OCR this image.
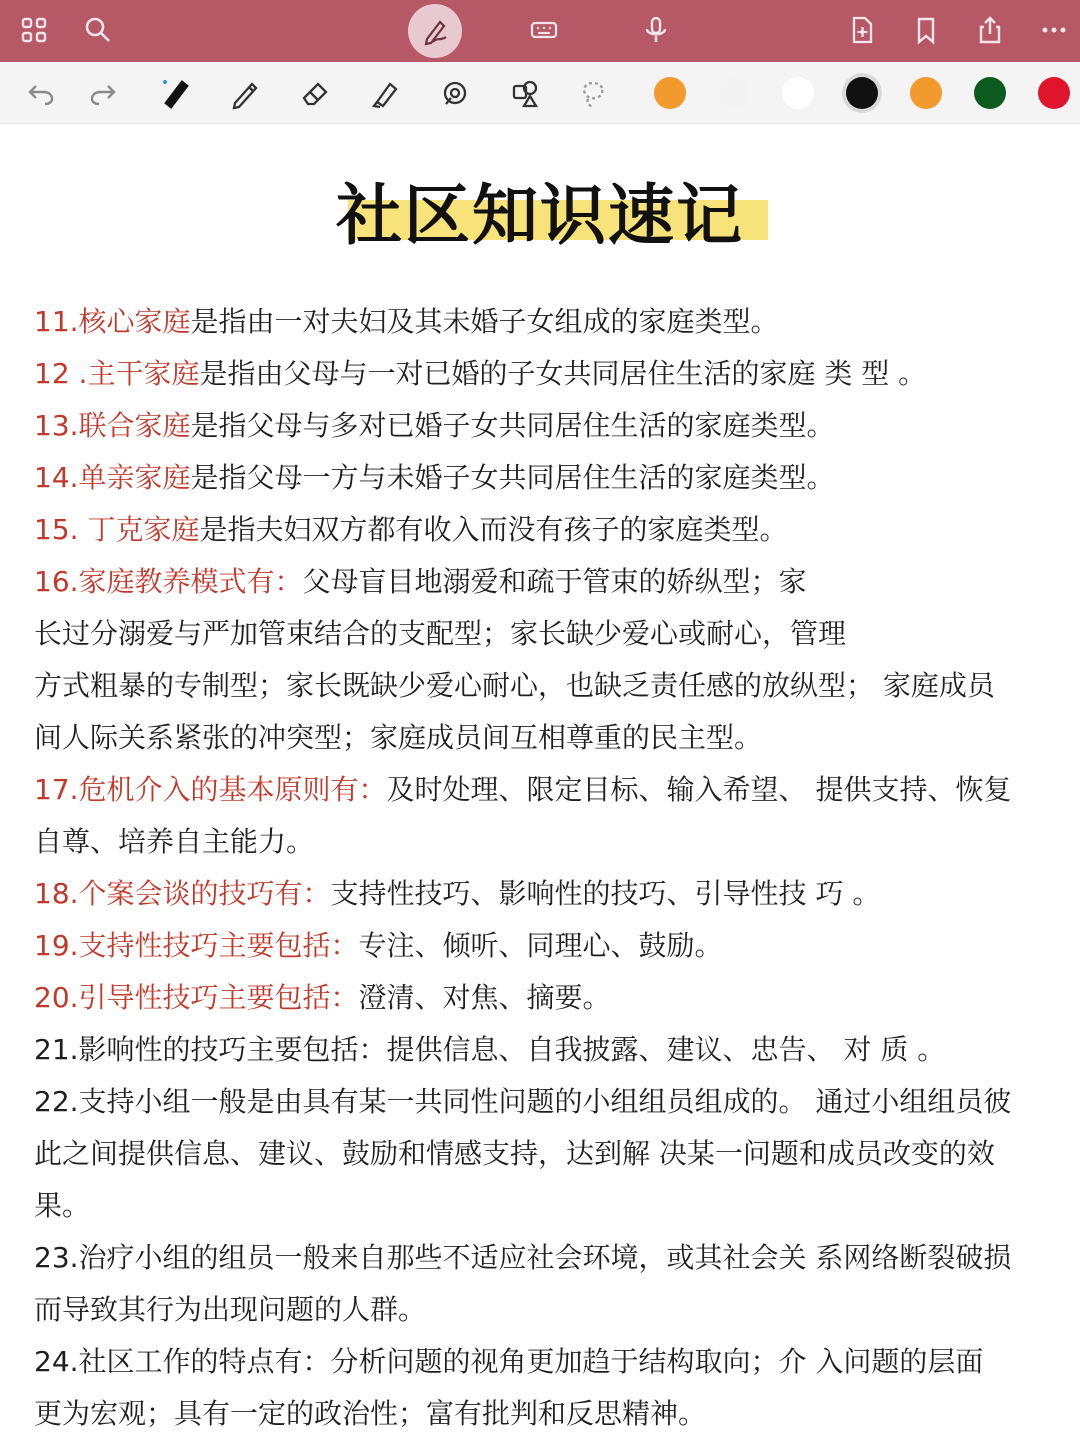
社区知识速记
11.核心家庭是指由一对夫妇及其未婚子女组成的家庭类型。
12 .主干家庭是指由父母与一对已婚的子女共同居住生活的家庭 类 型 。
13.联合家庭是指父母与多对已婚子女共同居住生活的家庭类型。
14.单亲家庭是指父母一方与未婚子女共同居住生活的家庭类型。
15. 丁克家庭是指夫妇双方都有收入而没有孩子的家庭类型。
16.家庭教养模式有：父母盲目地溺爱和疏于管束的娇纵型；家
长过分溺爱与严加管束结合的支配型；家长缺少爱心或耐心，管理
方式粗暴的专制型；家长既缺少爱心耐心，也缺乏责任感的放纵型； 家庭成员
间人际关系紧张的冲突型；家庭成员间互相尊重的民主型。
17.危机介入的基本原则有：及时处理、限定目标、输入希望、 提供支持、恢复
自尊、培养自主能力。
18.个案会谈的技巧有：支持性技巧、影响性的技巧、引导性技 巧 。
19.支持性技巧主要包括：专注、倾听、同理心、鼓励。
20.引导性技巧主要包括：澄清、对焦、摘要。
21.影响性的技巧主要包括：提供信息、自我披露、建议、忠告、 对 质 。
22.支持小组一般是由具有某一共同性问题的小组组员组成的。 通过小组组员彼
此之间提供信息、建议、鼓励和情感支持，达到解 决某一问题和成员改变的效
果。
23.治疗小组的组员一般来自那些不适应社会环境，或其社会关 系网络断裂破损
而导致其行为出现问题的人群。
24.社区工作的特点有：分析问题的视角更加趋于结构取向；介 入问题的层面
更为宏观；具有一定的政治性；富有批判和反思精神。
